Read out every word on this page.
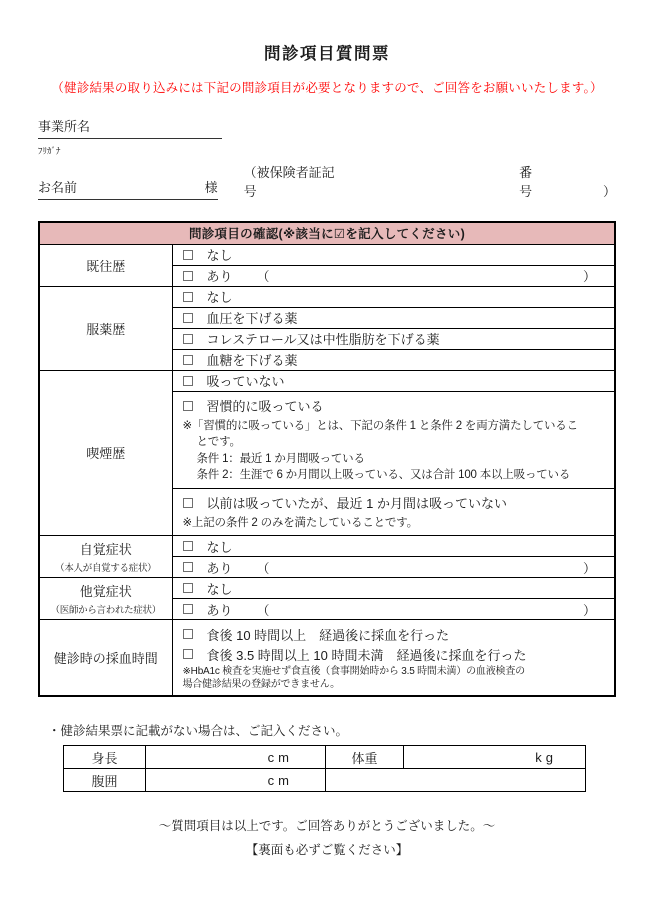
問診項目質問票
（健診結果の取り込みには下記の問診項目が必要となりますので、ご回答をお願いいたします。）
事業所名
ﾌﾘｶﾞﾅ
お名前	様
（被保険者証記号
番号	）
問診項目の確認(※該当に☑を記入してください)	
既往歴	なし

	あり （ ）

服薬歴	なし

	血圧を下げる薬

	コレステロール又は中性脂肪を下げる薬

	血糖を下げる薬

喫煙歴	吸っていない

	習慣的に吸っている
※「習慣的に吸っている」とは、下記の条件 1 と条件 2 を両方満たしているこ
とです。
条件 1：最近 1 か月間吸っている
条件 2：生涯で 6 か月間以上吸っている、又は合計 100 本以上吸っている

	以前は吸っていたが、最近 1 か月間は吸っていない
※上記の条件 2 のみを満たしていることです。

自覚症状
（本人が自覚する症状）	なし

	あり （ ）

他覚症状
（医師から言われた症状）	なし

	あり （ ）

健診時の採血時間	食後 10 時間以上　経過後に採血を行った
食後 3.5 時間以上 10 時間未満　経過後に採血を行った
※HbA1c 検査を実施せず食直後（食事開始時から 3.5 時間未満）の血液検査の
場合健診結果の登録ができません。
・健診結果票に記載がない場合は、ご記入ください。
身長	cm	体重	kg
腹囲	cm		
～質問項目は以上です。ご回答ありがとうございました。～
【裏面も必ずご覧ください】
